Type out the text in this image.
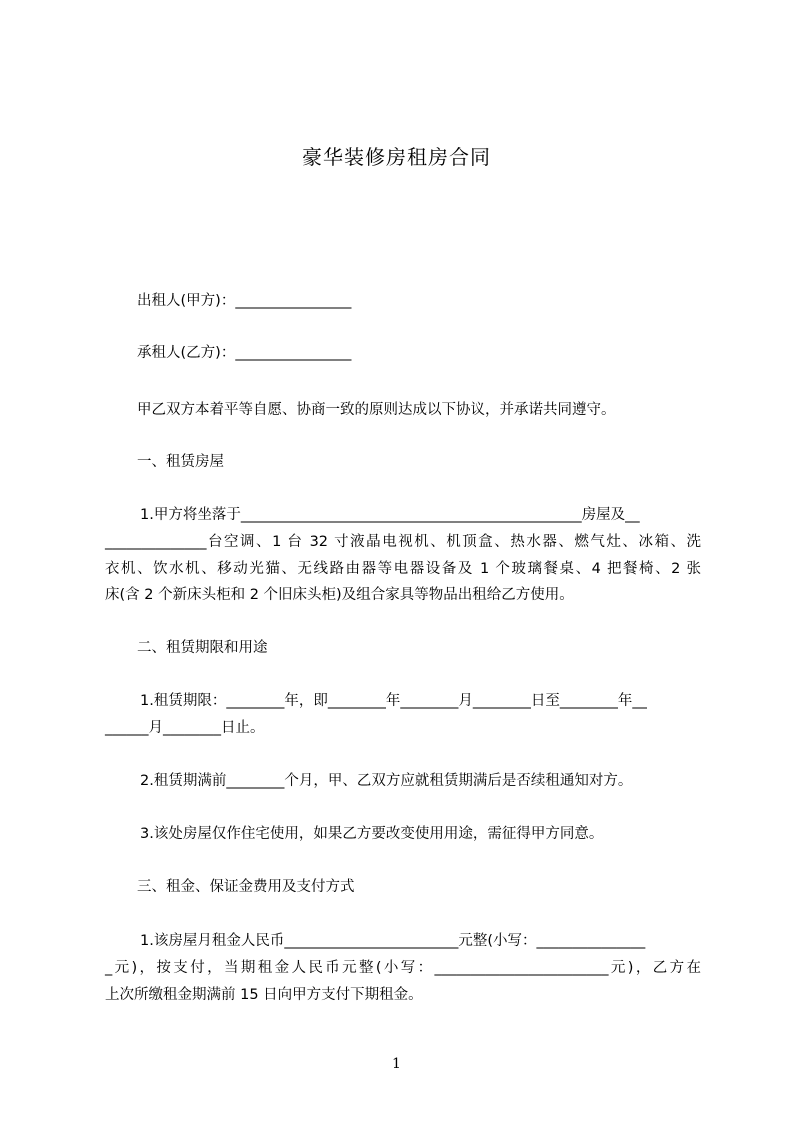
豪华装修房租房合同
出租人(甲方)：________________
承租人(乙方)：________________
甲乙双方本着平等自愿、协商一致的原则达成以下协议，并承诺共同遵守。
一、租赁房屋
1.甲方将坐落于_______________________________________________房屋及__
______________台空调、1 台 32 寸液晶电视机、机顶盒、热水器、燃气灶、冰箱、洗
衣机、饮水机、移动光猫、无线路由器等电器设备及 1 个玻璃餐桌、4 把餐椅、2 张
床(含 2 个新床头柜和 2 个旧床头柜)及组合家具等物品出租给乙方使用。
二、租赁期限和用途
1.租赁期限：________年，即________年________月________日至________年__
______月________日止。
2.租赁期满前________个月，甲、乙双方应就租赁期满后是否续租通知对方。
3.该处房屋仅作住宅使用，如果乙方要改变使用用途，需征得甲方同意。
三、租金、保证金费用及支付方式
1.该房屋月租金人民币________________________元整(小写：_______________
_元)，按支付，当期租金人民币元整(小写：________________________元)，乙方在
上次所缴租金期满前 15 日向甲方支付下期租金。
1
